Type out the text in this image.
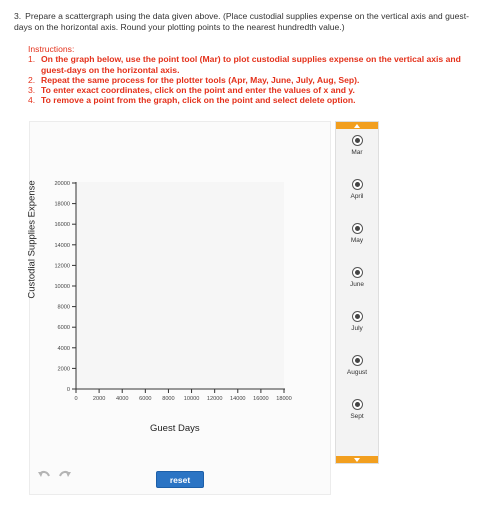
3. Prepare a scattergraph using the data given above. (Place custodial supplies expense on the vertical axis and guest-days on the horizontal axis. Round your plotting points to the nearest hundredth value.)
Instructions:
1. On the graph below, use the point tool (Mar) to plot custodial supplies expense on the vertical axis and guest-days on the horizontal axis.
2. Repeat the same process for the plotter tools (Apr, May, June, July, Aug, Sep).
3. To enter exact coordinates, click on the point and enter the values of x and y.
4. To remove a point from the graph, click on the point and select delete option.
0
2000
4000
6000
8000
10000
12000
14000
16000
18000
20000
0	2000 4000 6000 8000 10000 12000 14000 16000 18000
Custodial Supplies Expense
Guest Days
reset
Mar
April
May
June
July
August
Sept
